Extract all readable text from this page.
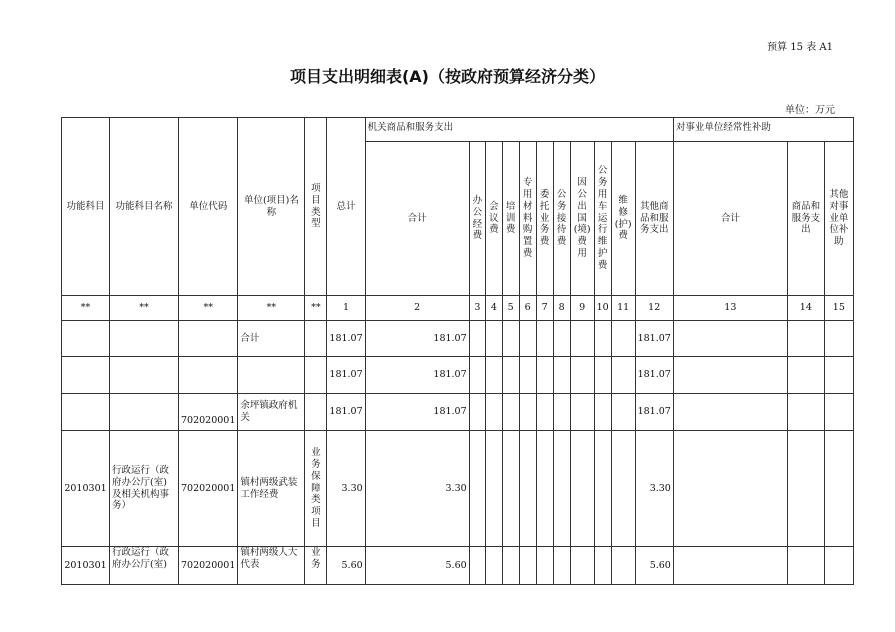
预算 15 表 A1
项目支出明细表(A)（按政府预算经济分类）
单位：万元
功能科目	功能科目名称	单位代码	单位(项目)名称	项目类型	总计	机关商品和服务支出											对事业单位经常性补助		
						合计	办公经费	会议费	培训费	专用材料购置费	委托业务费	公务接待费	因公出国(境)费用	公务用车运行维护费	维修(护)费	其他商品和服务支出	合计	商品和服务支出	其他对事业单位补助
**	**	**	**	**	1	2	3	4	5	6	7	8	9	10	11	12	13	14	15
			合计		181.07	181.07										181.07			
					181.07	181.07										181.07			
		702020001	余坪镇政府机关		181.07	181.07										181.07			
2010301	行政运行（政府办公厅(室)及相关机构事务）	702020001	镇村两级武装工作经费	业务保障类项目	3.30	3.30										3.30			
2010301	行政运行（政府办公厅(室)	702020001	镇村两级人大代表	业务	5.60	5.60										5.60			
